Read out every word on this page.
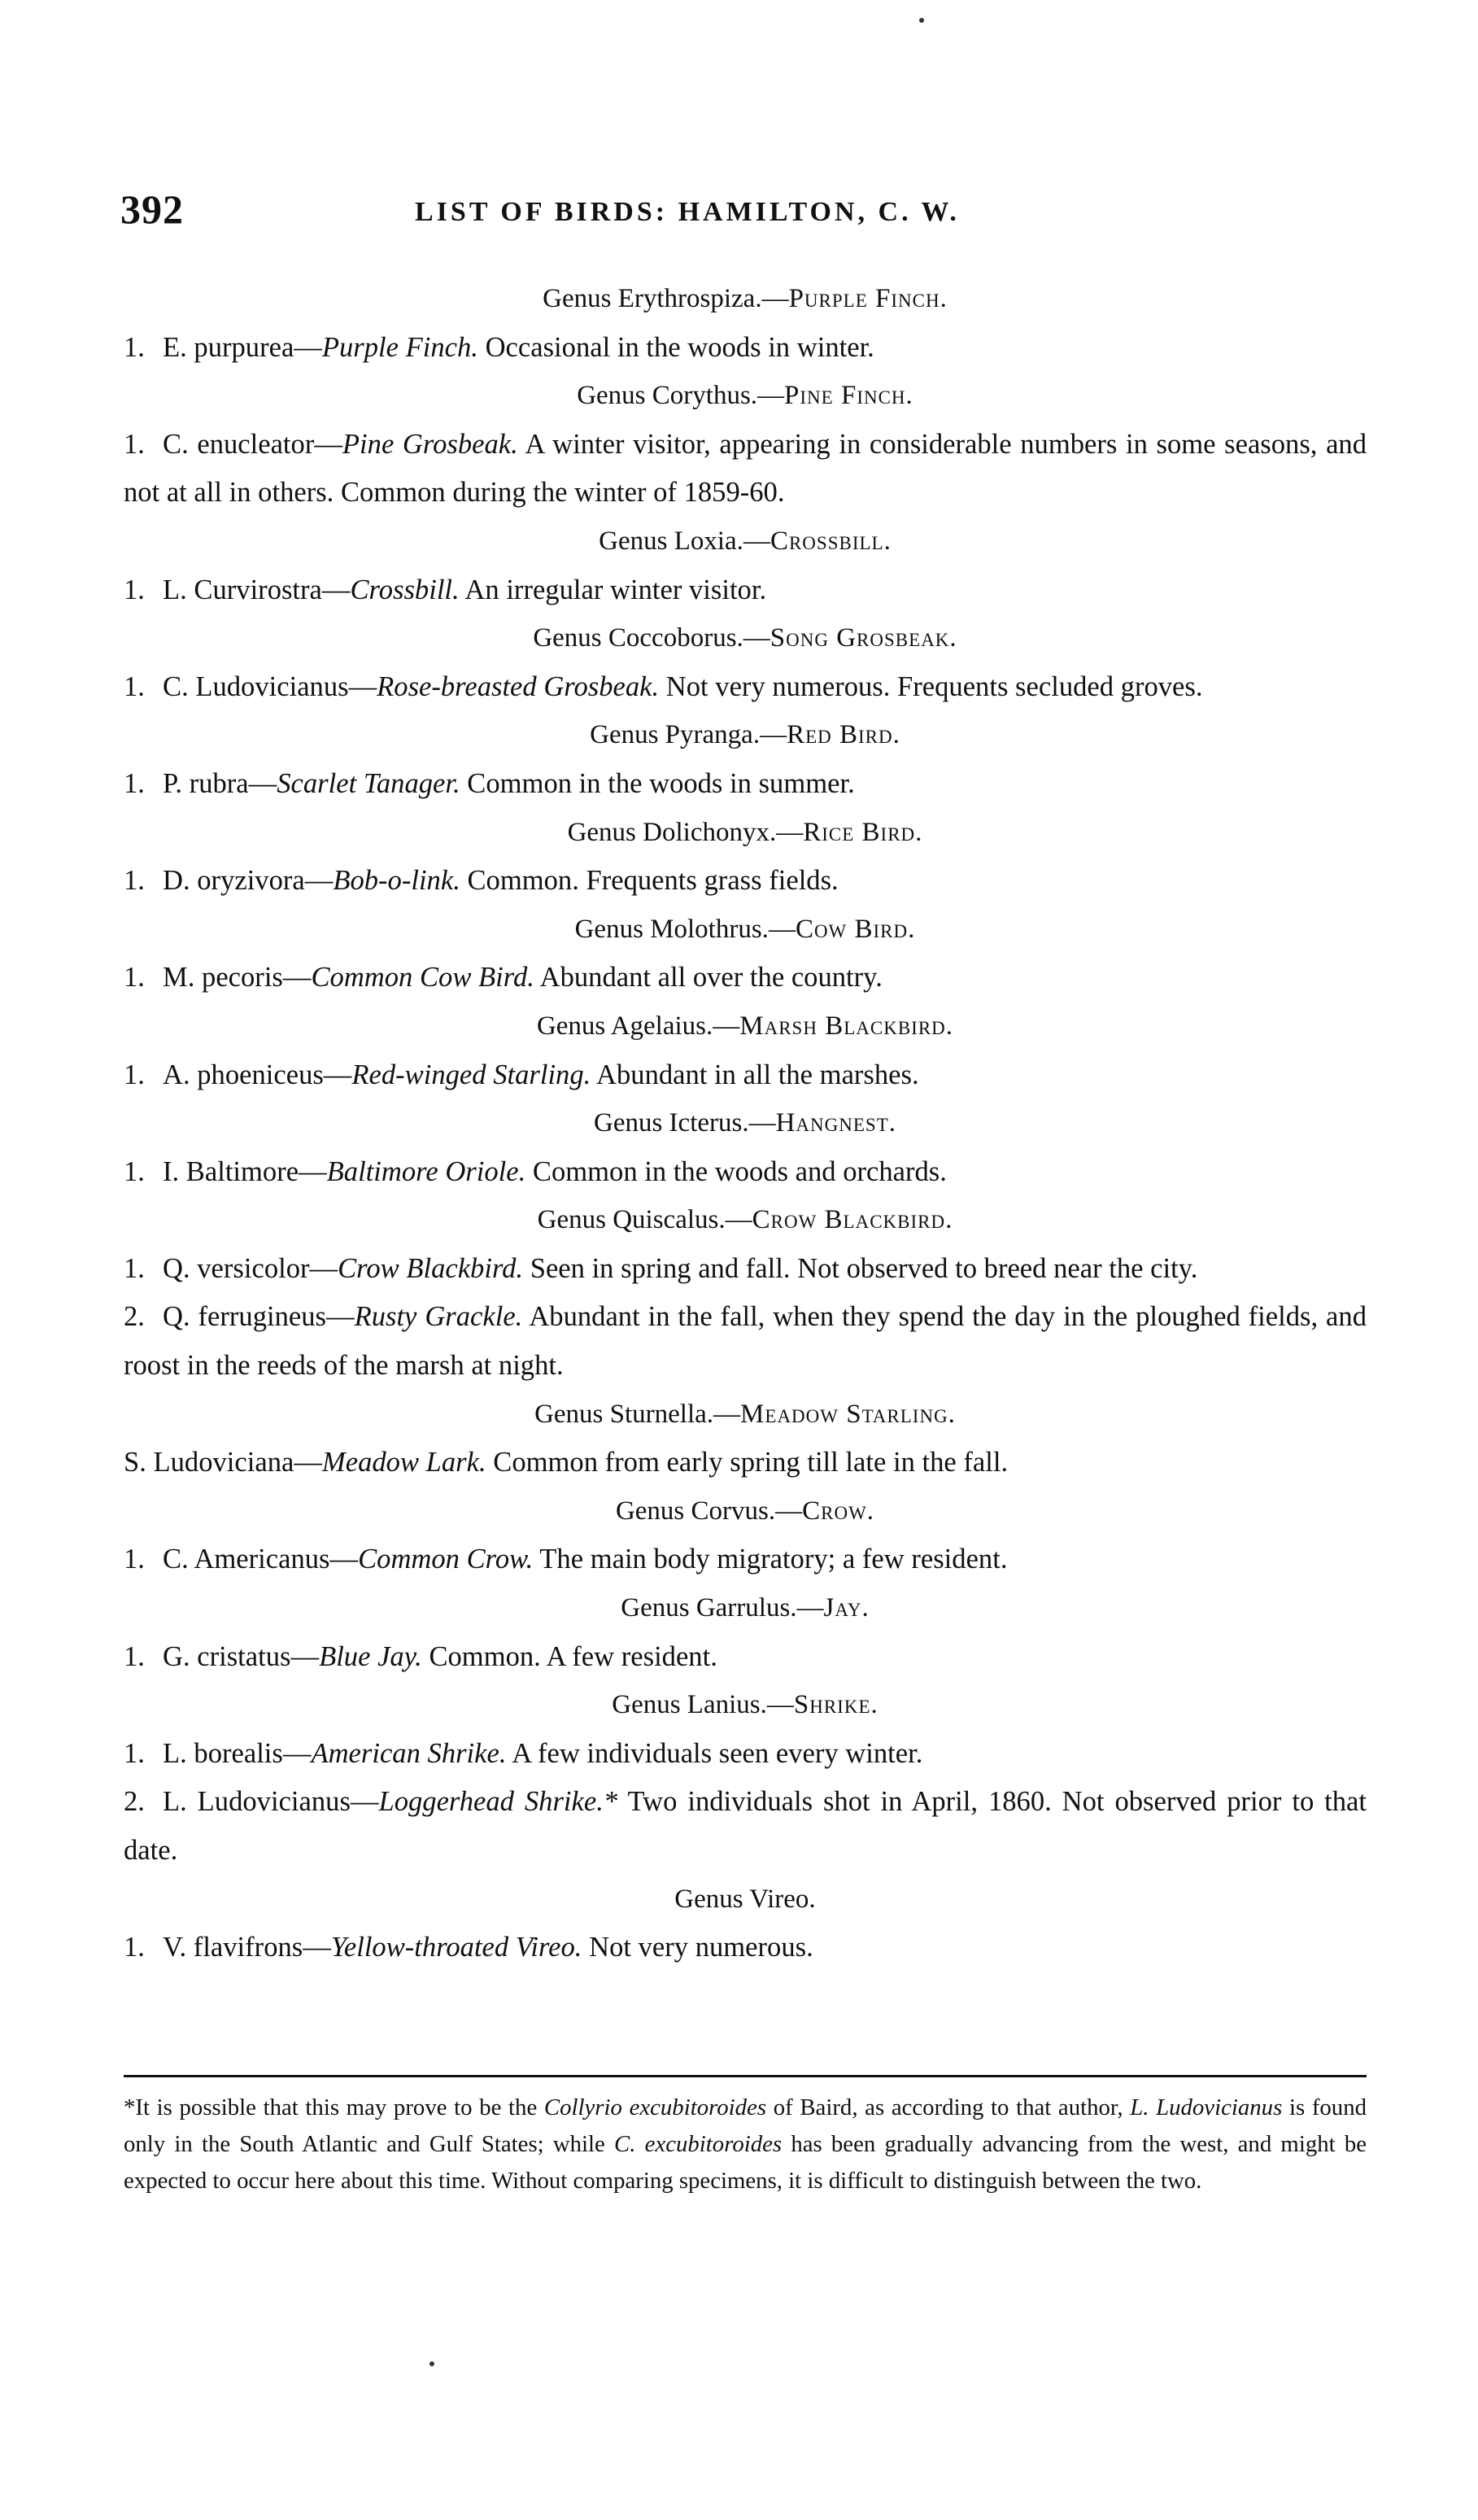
392	LIST OF BIRDS: HAMILTON, C. W.
Genus Erythrospiza.—Purple Finch.
1. E. purpurea—Purple Finch. Occasional in the woods in winter.
Genus Corythus.—Pine Finch.
1. C. enucleator—Pine Grosbeak. A winter visitor, appearing in considerable numbers in some seasons, and not at all in others. Common during the winter of 1859-60.
Genus Loxia.—Crossbill.
1. L. Curvirostra—Crossbill. An irregular winter visitor.
Genus Coccoborus.—Song Grosbeak.
1. C. Ludovicianus—Rose-breasted Grosbeak. Not very numerous. Frequents secluded groves.
Genus Pyranga.—Red Bird.
1. P. rubra—Scarlet Tanager. Common in the woods in summer.
Genus Dolichonyx.—Rice Bird.
1. D. oryzivora—Bob-o-link. Common. Frequents grass fields.
Genus Molothrus.—Cow Bird.
1. M. pecoris—Common Cow Bird. Abundant all over the country.
Genus Agelaius.—Marsh Blackbird.
1. A. phoeniceus—Red-winged Starling. Abundant in all the marshes.
Genus Icterus.—Hangnest.
1. I. Baltimore—Baltimore Oriole. Common in the woods and orchards.
Genus Quiscalus.—Crow Blackbird.
1. Q. versicolor—Crow Blackbird. Seen in spring and fall. Not observed to breed near the city.
2. Q. ferrugineus—Rusty Grackle. Abundant in the fall, when they spend the day in the ploughed fields, and roost in the reeds of the marsh at night.
Genus Sturnella.—Meadow Starling.
S. Ludoviciana—Meadow Lark. Common from early spring till late in the fall.
Genus Corvus.—Crow.
1. C. Americanus—Common Crow. The main body migratory; a few resident.
Genus Garrulus.—Jay.
1. G. cristatus—Blue Jay. Common. A few resident.
Genus Lanius.—Shrike.
1. L. borealis—American Shrike. A few individuals seen every winter.
2. L. Ludovicianus—Loggerhead Shrike.* Two individuals shot in April, 1860. Not observed prior to that date.
Genus Vireo.
1. V. flavifrons—Yellow-throated Vireo. Not very numerous.
*It is possible that this may prove to be the Collyrio excubitoroides of Baird, as according to that author, L. Ludovicianus is found only in the South Atlantic and Gulf States; while C. excubitoroides has been gradually advancing from the west, and might be expected to occur here about this time. Without comparing specimens, it is difficult to distinguish between the two.
